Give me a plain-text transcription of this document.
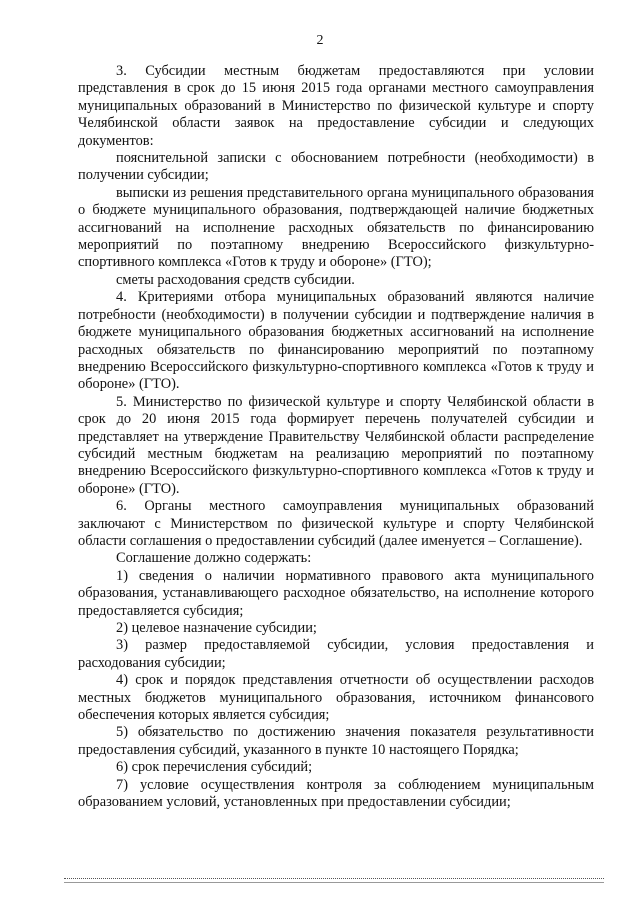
2

3. Субсидии местным бюджетам предоставляются при условии представления в срок до 15 июня 2015 года органами местного самоуправления муниципальных образований в Министерство по физической культуре и спорту Челябинской области заявок на предоставление субсидии и следующих документов:

пояснительной записки с обоснованием потребности (необходимости) в получении субсидии;

выписки из решения представительного органа муниципального образования о бюджете муниципального образования, подтверждающей наличие бюджетных ассигнований на исполнение расходных обязательств по финансированию мероприятий по поэтапному внедрению Всероссийского физкультурно-спортивного комплекса «Готов к труду и обороне» (ГТО);

сметы расходования средств субсидии.

4. Критериями отбора муниципальных образований являются наличие потребности (необходимости) в получении субсидии и подтверждение наличия в бюджете муниципального образования бюджетных ассигнований на исполнение расходных обязательств по финансированию мероприятий по поэтапному внедрению Всероссийского физкультурно-спортивного комплекса «Готов к труду и обороне» (ГТО).

5. Министерство по физической культуре и спорту Челябинской области в срок до 20 июня 2015 года формирует перечень получателей субсидии и представляет на утверждение Правительству Челябинской области распределение субсидий местным бюджетам на реализацию мероприятий по поэтапному внедрению Всероссийского физкультурно-спортивного комплекса «Готов к труду и обороне» (ГТО).

6. Органы местного самоуправления муниципальных образований заключают с Министерством по физической культуре и спорту Челябинской области соглашения о предоставлении субсидий (далее именуется – Соглашение).

Соглашение должно содержать:

1) сведения о наличии нормативного правового акта муниципального образования, устанавливающего расходное обязательство, на исполнение которого предоставляется субсидия;

2) целевое назначение субсидии;

3) размер предоставляемой субсидии, условия предоставления и расходования субсидии;

4) срок и порядок представления отчетности об осуществлении расходов местных бюджетов муниципального образования, источником финансового обеспечения которых является субсидия;

5) обязательство по достижению значения показателя результативности предоставления субсидий, указанного в пункте 10 настоящего Порядка;

6) срок перечисления субсидий;

7) условие осуществления контроля за соблюдением муниципальным образованием условий, установленных при предоставлении субсидии;
